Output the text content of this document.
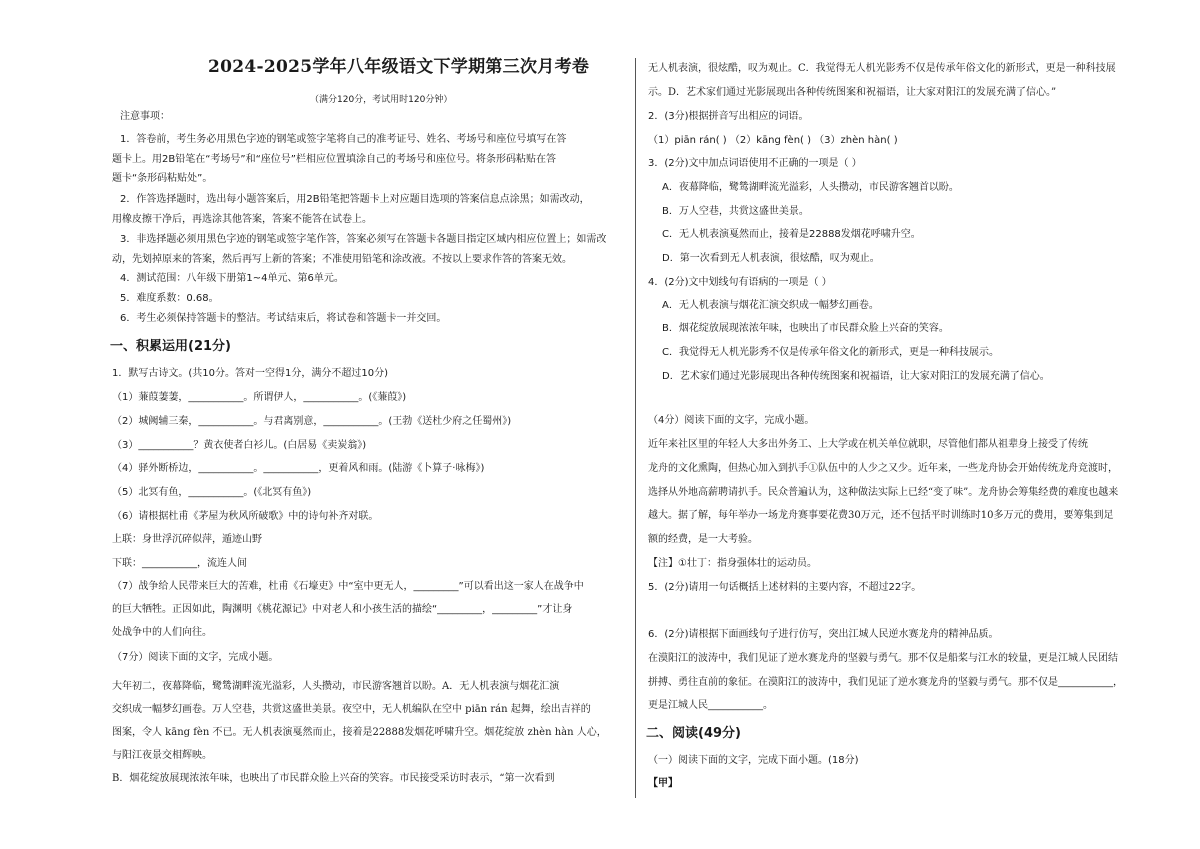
2024-2025学年八年级语文下学期第三次月考卷
（满分120分，考试用时120分钟）
注意事项：
1．答卷前，考生务必用黑色字迹的钢笔或签字笔将自己的准考证号、姓名、考场号和座位号填写在答
题卡上。用2B铅笔在“考场号”和“座位号”栏相应位置填涂自己的考场号和座位号。将条形码粘贴在答
题卡“条形码粘贴处”。
2．作答选择题时，选出每小题答案后，用2B铅笔把答题卡上对应题目选项的答案信息点涂黑；如需改动，
用橡皮擦干净后，再选涂其他答案，答案不能答在试卷上。
3．非选择题必须用黑色字迹的钢笔或签字笔作答，答案必须写在答题卡各题目指定区域内相应位置上；如需改
动，先划掉原来的答案，然后再写上新的答案；不准使用铅笔和涂改液。不按以上要求作答的答案无效。
4．测试范围：八年级下册第1~4单元、第6单元。
5．难度系数：0.68。
6．考生必须保持答题卡的整洁。考试结束后，将试卷和答题卡一并交回。
一、积累运用(21分)
1．默写古诗文。(共10分。答对一空得1分，满分不超过10分)
（1）蒹葭萋萋，___________。所谓伊人，___________。(《蒹葭》)
（2）城阙辅三秦，___________。与君离别意，___________。(王勃《送杜少府之任蜀州》)
（3）___________？黄衣使者白衫儿。(白居易《卖炭翁》)
（4）驿外断桥边，___________。___________，更着风和雨。(陆游《卜算子·咏梅》)
（5）北冥有鱼，___________。(《北冥有鱼》)
（6）请根据杜甫《茅屋为秋风所破歌》中的诗句补齐对联。
上联：身世浮沉碎似萍，遁迹山野
下联：___________，流连人间
（7）战争给人民带来巨大的苦难，杜甫《石壕吏》中“室中更无人，_________”可以看出这一家人在战争中
的巨大牺牲。正因如此，陶渊明《桃花源记》中对老人和小孩生活的描绘“_________，_________”才让身
处战争中的人们向往。
（7分）阅读下面的文字，完成小题。
大年初二，夜幕降临，鹭鸶湖畔流光溢彩，人头攒动，市民游客翘首以盼。A．无人机表演与烟花汇演
交织成一幅梦幻画卷。万人空巷，共赏这盛世美景。夜空中，无人机编队在空中 piān rán 起舞，绘出吉祥的
图案，令人 kāng fèn 不已。无人机表演戛然而止，接着是22888发烟花呼啸升空。烟花绽放 zhèn hàn 人心，
与阳江夜景交相辉映。
B．烟花绽放展现浓浓年味，也映出了市民群众脸上兴奋的笑容。市民接受采访时表示，“第一次看到
无人机表演，很炫酷，叹为观止。C．我觉得无人机光影秀不仅是传承年俗文化的新形式，更是一种科技展
示。D．艺术家们通过光影展现出各种传统图案和祝福语，让大家对阳江的发展充满了信心。”
2．(3分)根据拼音写出相应的词语。
（1）piān rán( ) （2）kāng fèn( ) （3）zhèn hàn( )
3．(2分)文中加点词语使用不正确的一项是（ ）
A．夜幕降临，鹭鸶湖畔流光溢彩，人头攒动，市民游客翘首以盼。
B．万人空巷，共赏这盛世美景。
C．无人机表演戛然而止，接着是22888发烟花呼啸升空。
D．第一次看到无人机表演，很炫酷，叹为观止。
4．(2分)文中划线句有语病的一项是（ ）
A．无人机表演与烟花汇演交织成一幅梦幻画卷。
B．烟花绽放展现浓浓年味，也映出了市民群众脸上兴奋的笑容。
C．我觉得无人机光影秀不仅是传承年俗文化的新形式，更是一种科技展示。
D．艺术家们通过光影展现出各种传统图案和祝福语，让大家对阳江的发展充满了信心。
（4分）阅读下面的文字，完成小题。
近年来社区里的年轻人大多出外务工、上大学或在机关单位就职，尽管他们都从祖辈身上接受了传统
龙舟的文化熏陶，但热心加入到扒手①队伍中的人少之又少。近年来，一些龙舟协会开始传统龙舟竞渡时，
选择从外地高薪聘请扒手。民众普遍认为，这种做法实际上已经“变了味”。龙舟协会筹集经费的难度也越来
越大。据了解，每年举办一场龙舟赛事要花费30万元，还不包括平时训练时10多万元的费用，要筹集到足
额的经费，是一大考验。
【注】①壮丁：指身强体壮的运动员。
5．(2分)请用一句话概括上述材料的主要内容，不超过22字。
6．(2分)请根据下面画线句子进行仿写，突出江城人民逆水赛龙舟的精神品质。
在漠阳江的波涛中，我们见证了逆水赛龙舟的坚毅与勇气。那不仅是船桨与江水的较量，更是江城人民团结
拼搏、勇往直前的象征。在漠阳江的波涛中，我们见证了逆水赛龙舟的坚毅与勇气。那不仅是___________，
更是江城人民___________。
二、阅读(49分)
（一）阅读下面的文字，完成下面小题。(18分)
【甲】
